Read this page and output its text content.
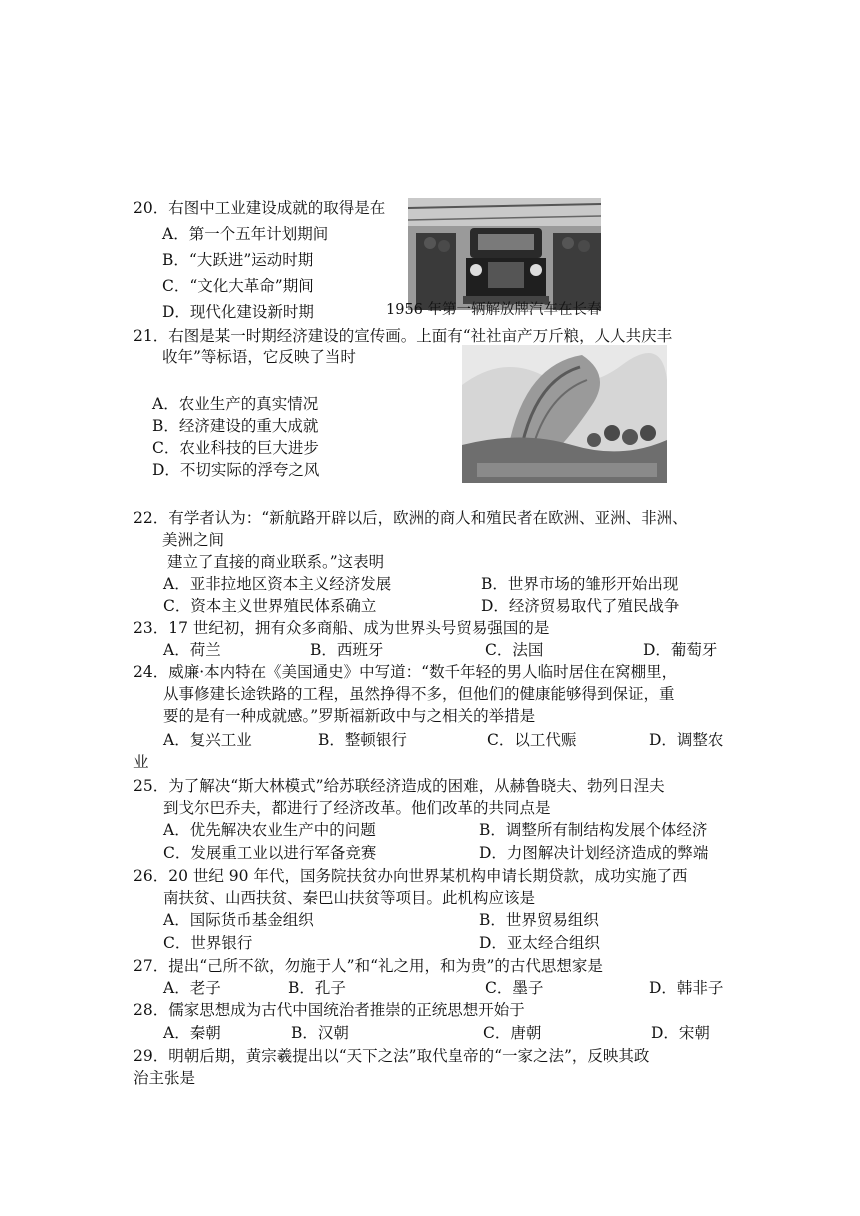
20．右图中工业建设成就的取得是在
A．第一个五年计划期间
B．“大跃进”运动时期
C．“文化大革命”期间
D．现代化建设新时期	1956 年第一辆解放牌汽车在长春
21．右图是某一时期经济建设的宣传画。上面有“社社亩产万斤粮，人人共庆丰
收年”等标语，它反映了当时
A．农业生产的真实情况
B．经济建设的重大成就
C．农业科技的巨大进步
D．不切实际的浮夸之风
22．有学者认为：“新航路开辟以后，欧洲的商人和殖民者在欧洲、亚洲、非洲、
美洲之间
建立了直接的商业联系。”这表明
A．亚非拉地区资本主义经济发展	B．世界市场的雏形开始出现
C．资本主义世界殖民体系确立	D．经济贸易取代了殖民战争
23．17 世纪初，拥有众多商船、成为世界头号贸易强国的是
A．荷兰	B．西班牙	C．法国	D．葡萄牙
24．威廉·本内特在《美国通史》中写道：“数千年轻的男人临时居住在窝棚里，
从事修建长途铁路的工程，虽然挣得不多，但他们的健康能够得到保证，重
要的是有一种成就感。”罗斯福新政中与之相关的举措是
A．复兴工业	B．整顿银行	C．以工代赈	D．调整农
业
25．为了解决“斯大林模式”给苏联经济造成的困难，从赫鲁晓夫、勃列日涅夫
到戈尔巴乔夫，都进行了经济改革。他们改革的共同点是
A．优先解决农业生产中的问题	B．调整所有制结构发展个体经济
C．发展重工业以进行军备竞赛	D．力图解决计划经济造成的弊端
26．20 世纪 90 年代，国务院扶贫办向世界某机构申请长期贷款，成功实施了西
南扶贫、山西扶贫、秦巴山扶贫等项目。此机构应该是
A．国际货币基金组织	B．世界贸易组织
C．世界银行	D．亚太经合组织
27．提出“己所不欲，勿施于人”和“礼之用，和为贵”的古代思想家是
A．老子	B．孔子	C．墨子	D．韩非子
28．儒家思想成为古代中国统治者推崇的正统思想开始于
A．秦朝	B．汉朝	C．唐朝	D．宋朝
29．明朝后期，黄宗羲提出以“天下之法”取代皇帝的“一家之法”，反映其政
治主张是
